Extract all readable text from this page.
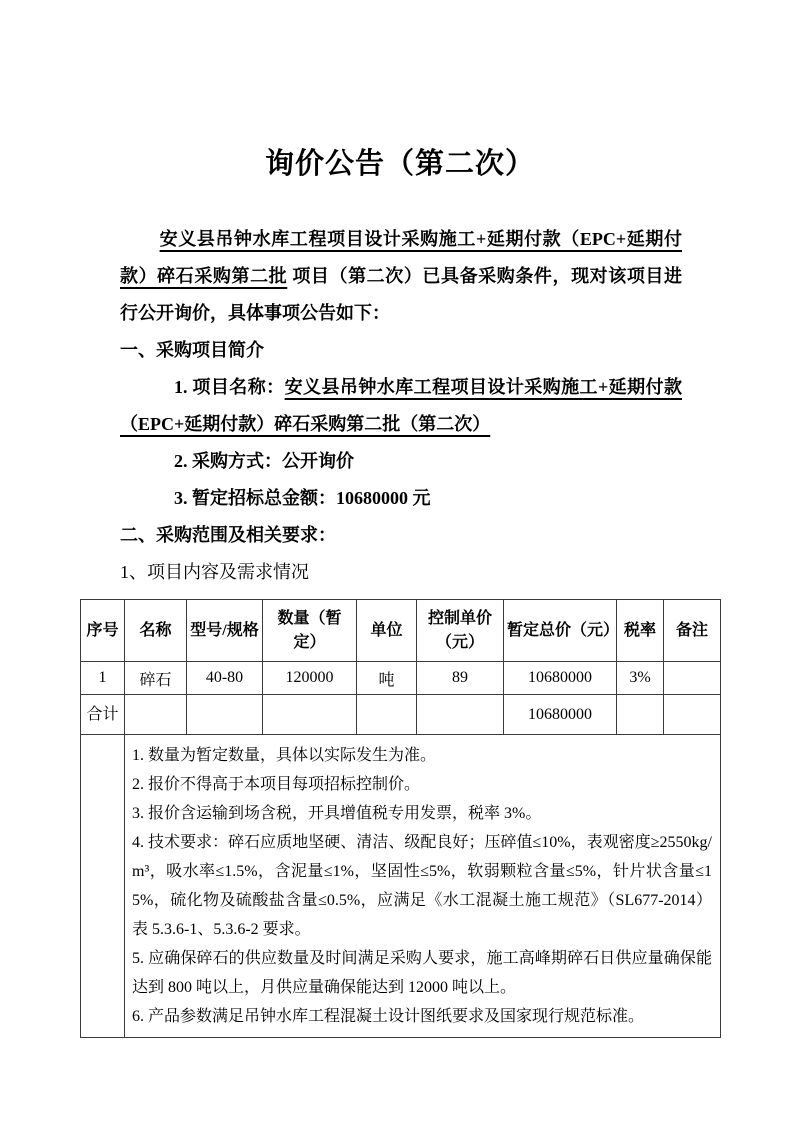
询价公告（第二次）

安义县吊钟水库工程项目设计采购施工+延期付款（EPC+延期付款）碎石采购第二批 项目（第二次）已具备采购条件，现对该项目进行公开询价，具体事项公告如下：

一、采购项目简介

1. 项目名称：安义县吊钟水库工程项目设计采购施工+延期付款（EPC+延期付款）碎石采购第二批（第二次）

2. 采购方式：公开询价

3. 暂定招标总金额：10680000 元

二、采购范围及相关要求：

1、项目内容及需求情况

序号	名称	型号/规格	数量（暂定）	单位	控制单价（元）	暂定总价（元）	税率	备注
1	碎石	40-80	120000	吨	89	10680000	3%	
合计						10680000		

1. 数量为暂定数量，具体以实际发生为准。

2. 报价不得高于本项目每项招标控制价。

3. 报价含运输到场含税，开具增值税专用发票，税率 3%。

4. 技术要求：碎石应质地坚硬、清洁、级配良好；压碎值≤10%，表观密度≥2550kg/m³，吸水率≤1.5%，含泥量≤1%，坚固性≤5%，软弱颗粒含量≤5%，针片状含量≤15%，硫化物及硫酸盐含量≤0.5%，应满足《水工混凝土施工规范》（SL677-2014）表 5.3.6-1、5.3.6-2 要求。

5. 应确保碎石的供应数量及时间满足采购人要求，施工高峰期碎石日供应量确保能达到 800 吨以上，月供应量确保能达到 12000 吨以上。

6. 产品参数满足吊钟水库工程混凝土设计图纸要求及国家现行规范标准。
